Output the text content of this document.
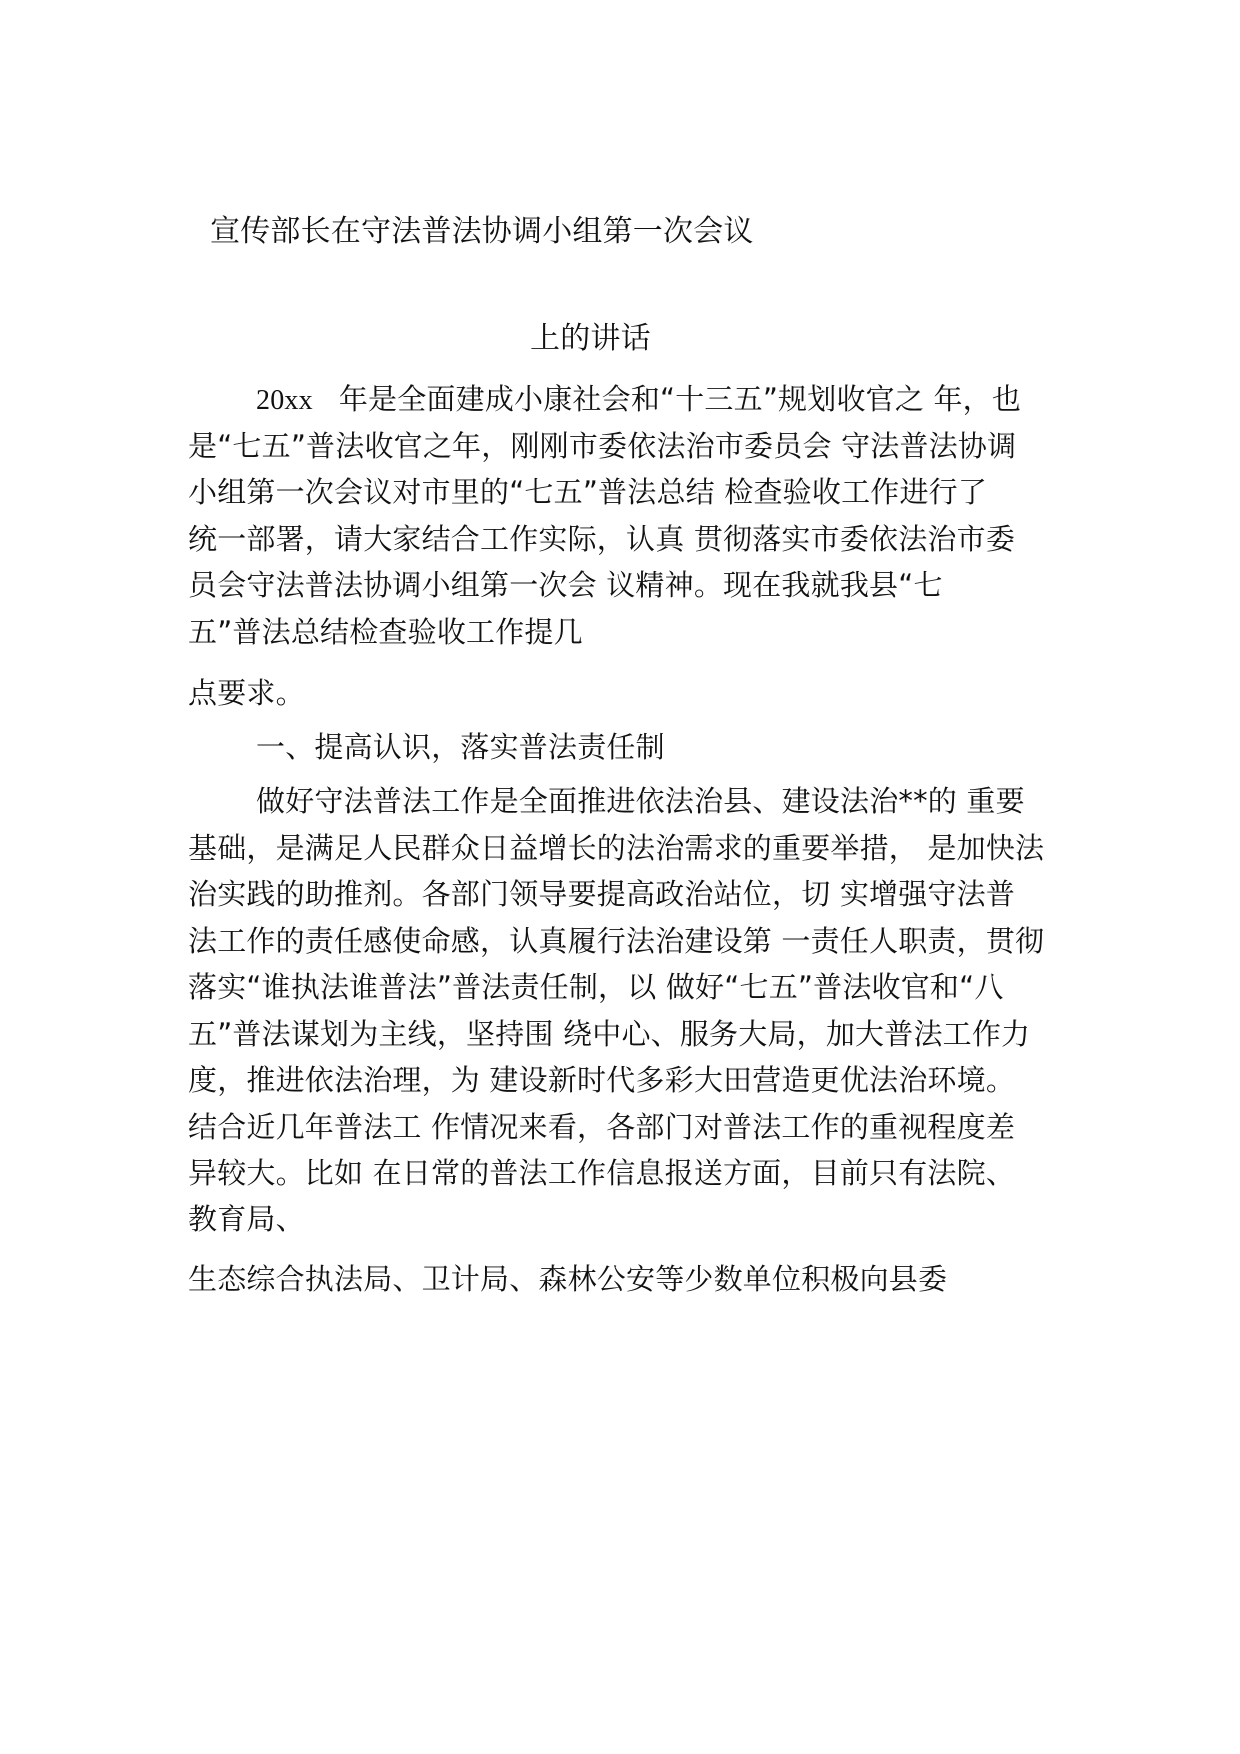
宣传部长在守法普法协调小组第一次会议
上的讲话
20xx 年是全面建成小康社会和“十三五”规划收官之 年，也
是“七五”普法收官之年，刚刚市委依法治市委员会 守法普法协调
小组第一次会议对市里的“七五”普法总结 检查验收工作进行了
统一部署，请大家结合工作实际，认真 贯彻落实市委依法治市委
员会守法普法协调小组第一次会 议精神。现在我就我县“七
五”普法总结检查验收工作提几
点要求。
一、提高认识，落实普法责任制
做好守法普法工作是全面推进依法治县、建设法治**的 重要
基础，是满足人民群众日益增长的法治需求的重要举措， 是加快法
治实践的助推剂。各部门领导要提高政治站位，切 实增强守法普
法工作的责任感使命感，认真履行法治建设第 一责任人职责，贯彻
落实“谁执法谁普法”普法责任制，以 做好“七五”普法收官和“八
五”普法谋划为主线，坚持围 绕中心、服务大局，加大普法工作力
度，推进依法治理，为 建设新时代多彩大田营造更优法治环境。
结合近几年普法工 作情况来看，各部门对普法工作的重视程度差
异较大。比如 在日常的普法工作信息报送方面，目前只有法院、
教育局、
生态综合执法局、卫计局、森林公安等少数单位积极向县委
